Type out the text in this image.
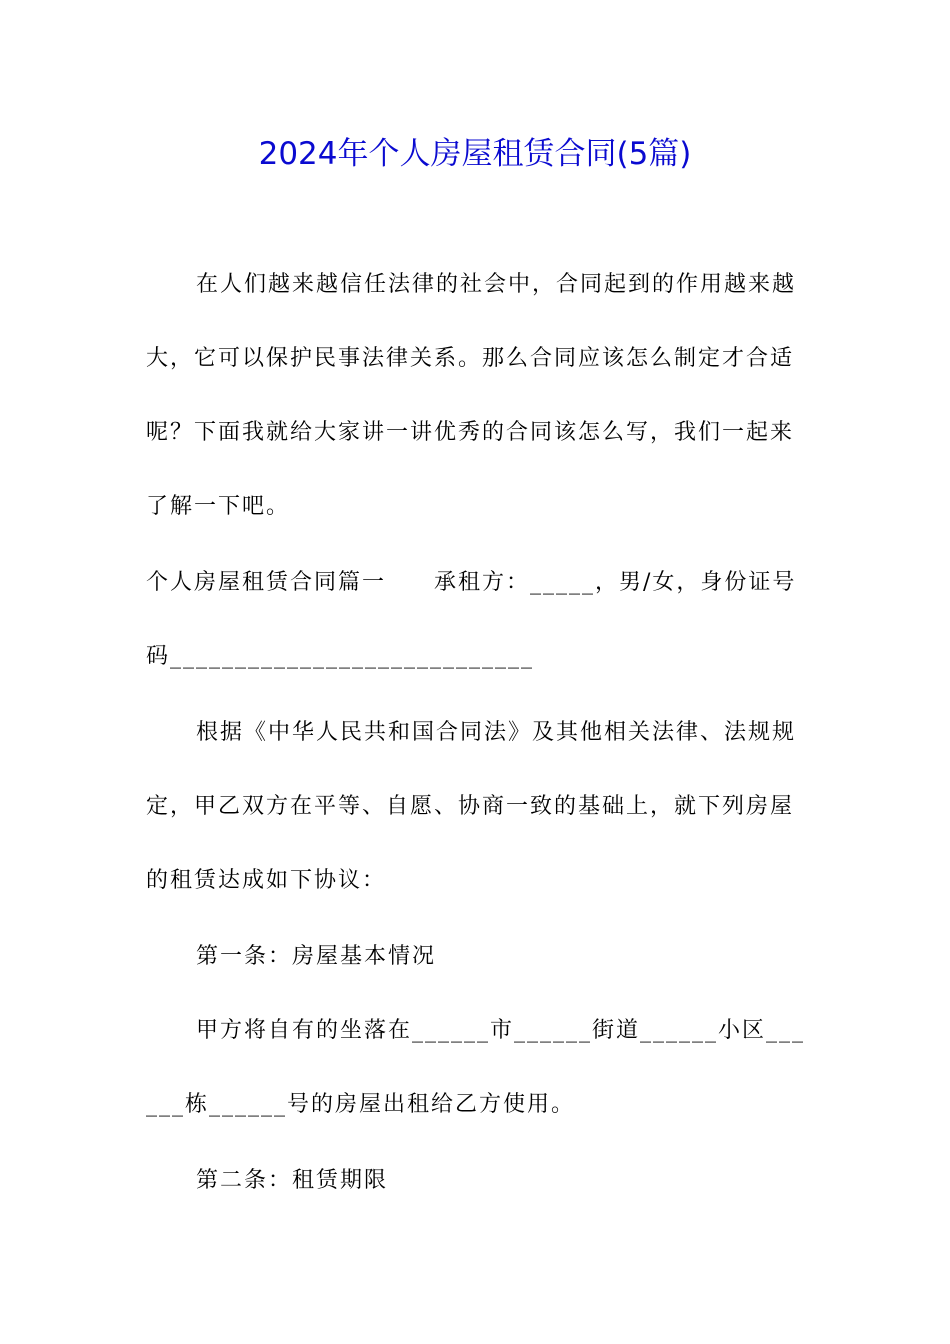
2024年个人房屋租赁合同(5篇)
在人们越来越信任法律的社会中，合同起到的作用越来越大，它可以保护民事法律关系。那么合同应该怎么制定才合适呢？下面我就给大家讲一讲优秀的合同该怎么写，我们一起来了解一下吧。
个人房屋租赁合同篇一　　承租方：_____，男/女，身份证号码____________________________
根据《中华人民共和国合同法》及其他相关法律、法规规定，甲乙双方在平等、自愿、协商一致的基础上，就下列房屋的租赁达成如下协议：
第一条：房屋基本情况
甲方将自有的坐落在______市______街道______小区______栋______号的房屋出租给乙方使用。
第二条：租赁期限
